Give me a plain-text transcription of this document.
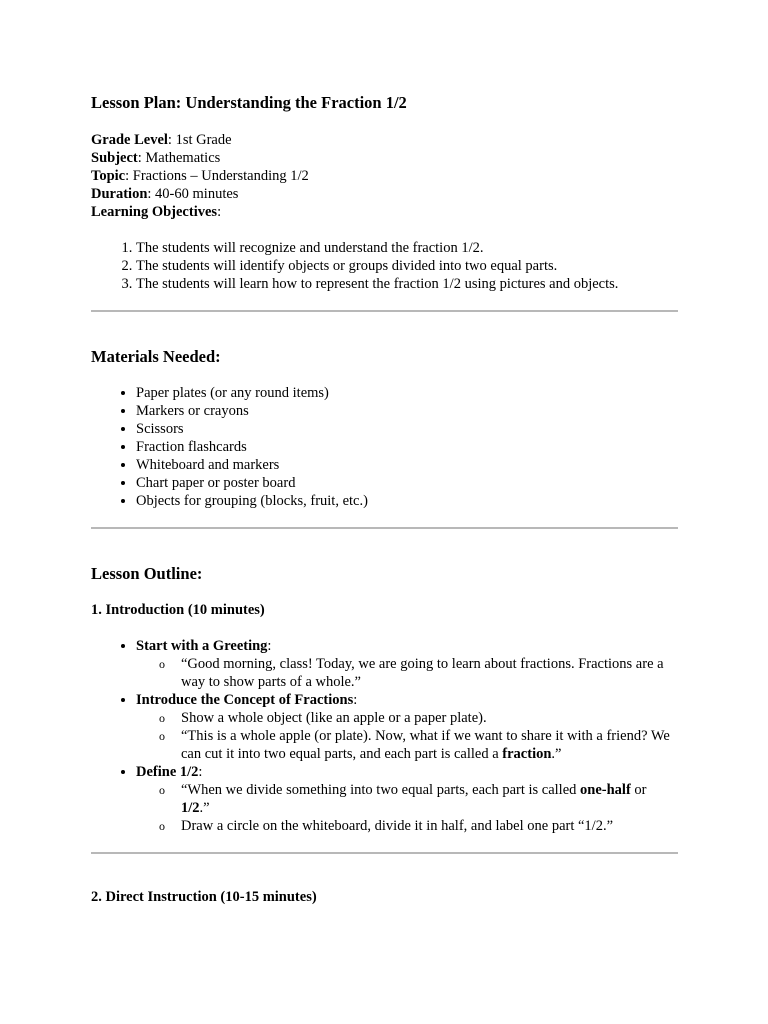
Lesson Plan: Understanding the Fraction 1/2

Grade Level: 1st Grade

Subject: Mathematics

Topic: Fractions – Understanding 1/2

Duration: 40-60 minutes

Learning Objectives:

1. The students will recognize and understand the fraction 1/2.
2. The students will identify objects or groups divided into two equal parts.
3. The students will learn how to represent the fraction 1/2 using pictures and objects.
Materials Needed:
• Paper plates (or any round items)
• Markers or crayons
• Scissors
• Fraction flashcards
• Whiteboard and markers
• Chart paper or poster board
• Objects for grouping (blocks, fruit, etc.)
Lesson Outline:
1. Introduction (10 minutes)
• Start with a Greeting:
o “Good morning, class! Today, we are going to learn about fractions. Fractions are a way to show parts of a whole.”
• Introduce the Concept of Fractions:
o Show a whole object (like an apple or a paper plate).
o “This is a whole apple (or plate). Now, what if we want to share it with a friend? We can cut it into two equal parts, and each part is called a fraction.”
• Define 1/2:
o “When we divide something into two equal parts, each part is called one-half or 1/2.”
o Draw a circle on the whiteboard, divide it in half, and label one part “1/2.”
2. Direct Instruction (10-15 minutes)
